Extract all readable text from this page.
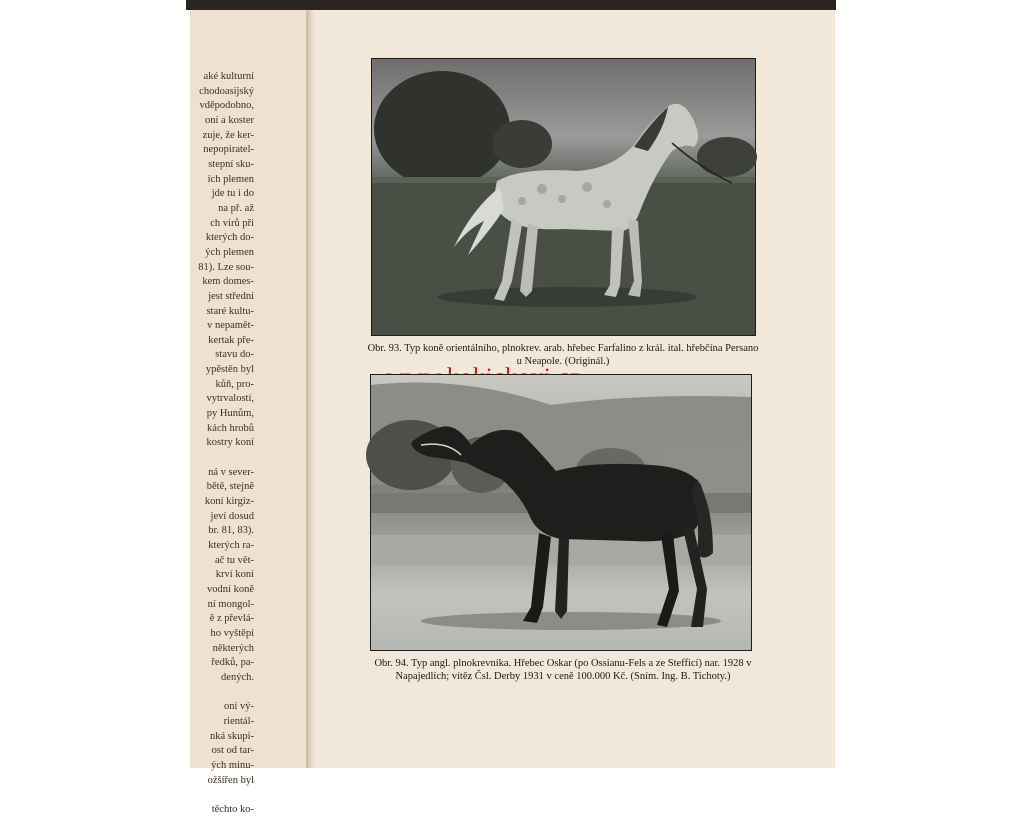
aké kulturní
chodoasijský
vděpodobno,
oní a koster
zuje, že ker-
nepopiratel-
stepní sku-
ích plemen
jde tu i do
na př. až
ch virů při
kterých do-
ých plemen
81). Lze sou-
kem domes-
jest střední
staré kultu-
v nepamět-
kertak pře-
stavu do-
ypěstěn byl
kůň, pro-
vytrvalostí,
py Hunům,
kách hrobů
kostry koní

ná v sever-
bětě, stejně
koní kirgiz-
jeví dosud
br. 81, 83).
kterých ra-
ač tu vět-
krví koní
vodní koně
ní mongol-
ě z převlá-
ho vyštěpí
některých
ředků, pa-
dených.

oní vý-
rientál-
nká skupi-
ost od tar-
ých minu-
ožšířen byl

těchto ko-
Obr. 93. Typ koně orientálního, plnokrev. arab. hřebec Farfalino z král. ital. hřebčína Persano u Neapole. (Originál.)
Obr. 94. Typ angl. plnokrevníka. Hřebec Oskar (po Ossianu-Fels a ze Stefficí) nar. 1928 v Napajedlích; vítěz Čsl. Derby 1931 v ceně 100.000 Kč. (Sním. Ing. B. Tichoty.)
